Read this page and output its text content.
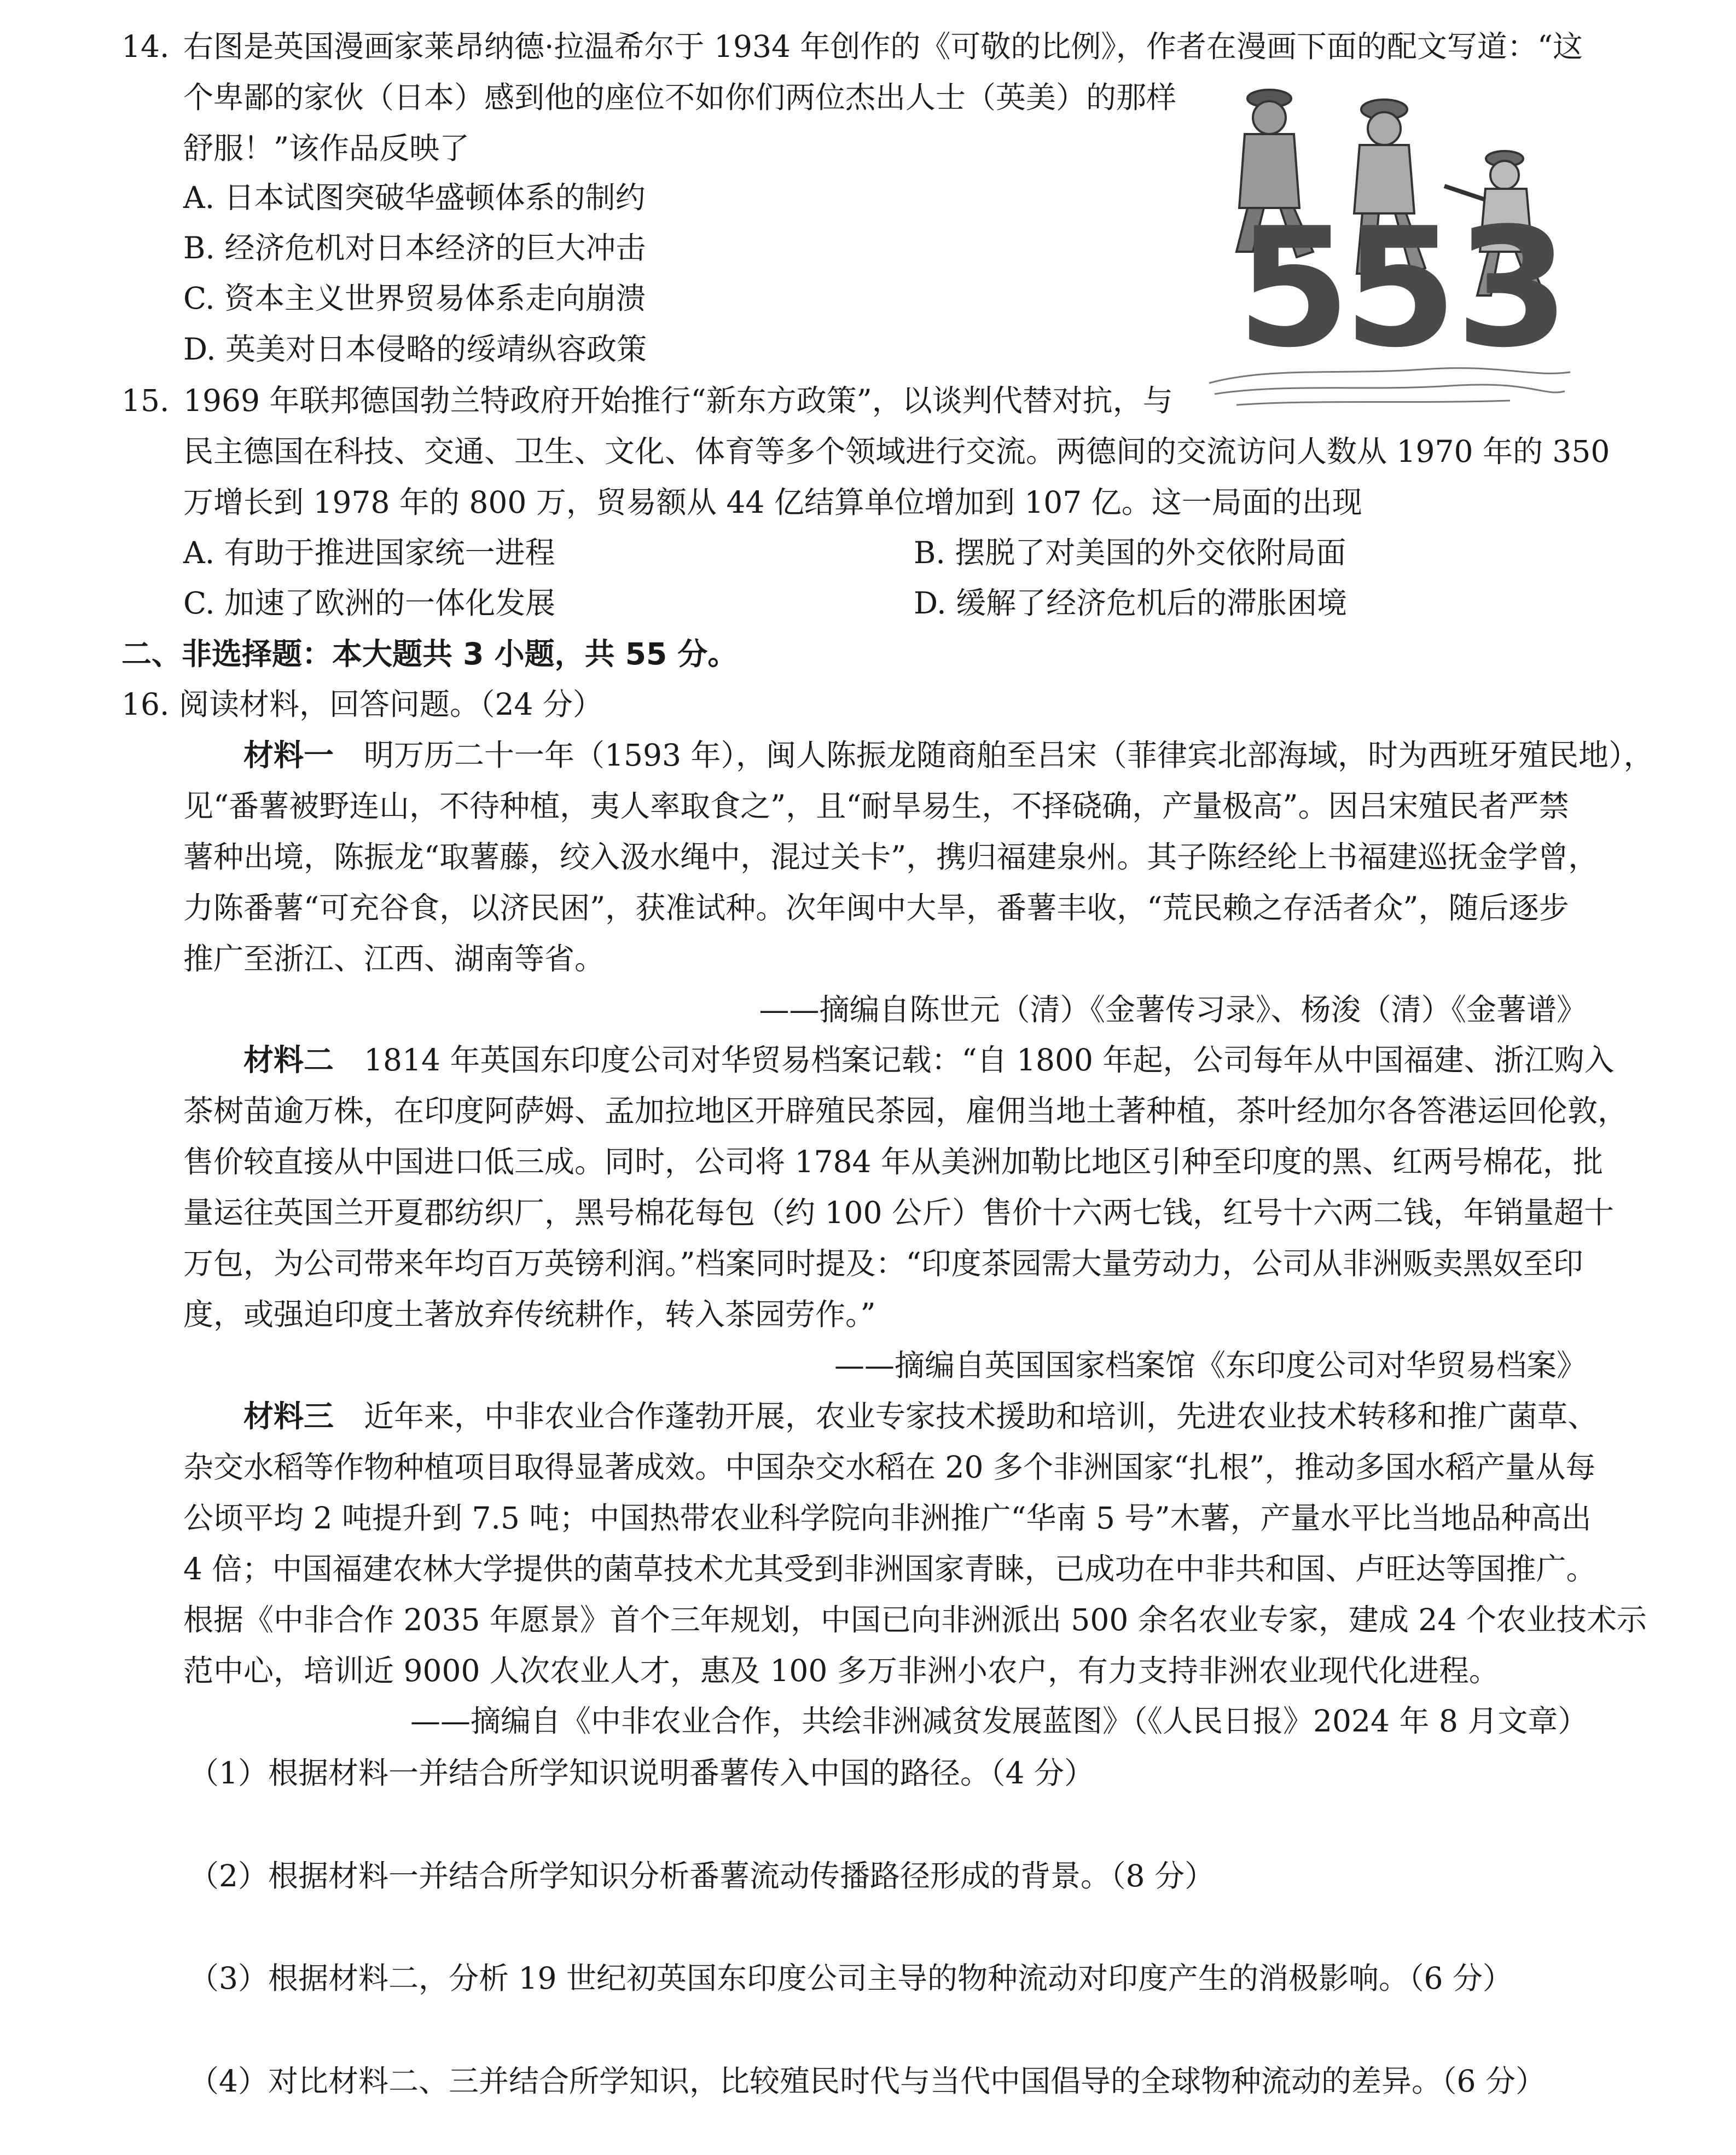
14. 右图是英国漫画家莱昂纳德·拉温希尔于 1934 年创作的《可敬的比例》，作者在漫画下面的配文写道：“这
个卑鄙的家伙（日本）感到他的座位不如你们两位杰出人士（英美）的那样
舒服！”该作品反映了
A. 日本试图突破华盛顿体系的制约
B. 经济危机对日本经济的巨大冲击
C. 资本主义世界贸易体系走向崩溃
D. 英美对日本侵略的绥靖纵容政策	5
5
3
15. 1969 年联邦德国勃兰特政府开始推行“新东方政策”，以谈判代替对抗，与
民主德国在科技、交通、卫生、文化、体育等多个领域进行交流。两德间的交流访问人数从 1970 年的 350
万增长到 1978 年的 800 万，贸易额从 44 亿结算单位增加到 107 亿。这一局面的出现
A. 有助于推进国家统一进程	B. 摆脱了对美国的外交依附局面
C. 加速了欧洲的一体化发展	D. 缓解了经济危机后的滞胀困境
二、非选择题：本大题共 3 小题，共 55 分。
16. 阅读材料，回答问题。（24 分）
材料一 明万历二十一年（1593 年），闽人陈振龙随商舶至吕宋（菲律宾北部海域，时为西班牙殖民地），
见“番薯被野连山，不待种植，夷人率取食之”，且“耐旱易生，不择硗确，产量极高”。因吕宋殖民者严禁
薯种出境，陈振龙“取薯藤，绞入汲水绳中，混过关卡”，携归福建泉州。其子陈经纶上书福建巡抚金学曾，
力陈番薯“可充谷食，以济民困”，获准试种。次年闽中大旱，番薯丰收，“荒民赖之存活者众”，随后逐步
推广至浙江、江西、湖南等省。
——摘编自陈世元（清）《金薯传习录》、杨浚（清）《金薯谱》
材料二 1814 年英国东印度公司对华贸易档案记载：“自 1800 年起，公司每年从中国福建、浙江购入
茶树苗逾万株，在印度阿萨姆、孟加拉地区开辟殖民茶园，雇佣当地土著种植，茶叶经加尔各答港运回伦敦，
售价较直接从中国进口低三成。同时，公司将 1784 年从美洲加勒比地区引种至印度的黑、红两号棉花，批
量运往英国兰开夏郡纺织厂，黑号棉花每包（约 100 公斤）售价十六两七钱，红号十六两二钱，年销量超十
万包，为公司带来年均百万英镑利润。”档案同时提及：“印度茶园需大量劳动力，公司从非洲贩卖黑奴至印
度，或强迫印度土著放弃传统耕作，转入茶园劳作。”
——摘编自英国国家档案馆《东印度公司对华贸易档案》
材料三 近年来，中非农业合作蓬勃开展，农业专家技术援助和培训，先进农业技术转移和推广菌草、
杂交水稻等作物种植项目取得显著成效。中国杂交水稻在 20 多个非洲国家“扎根”，推动多国水稻产量从每
公顷平均 2 吨提升到 7.5 吨；中国热带农业科学院向非洲推广“华南 5 号”木薯，产量水平比当地品种高出
4 倍；中国福建农林大学提供的菌草技术尤其受到非洲国家青睐，已成功在中非共和国、卢旺达等国推广。
根据《中非合作 2035 年愿景》首个三年规划，中国已向非洲派出 500 余名农业专家，建成 24 个农业技术示
范中心，培训近 9000 人次农业人才，惠及 100 多万非洲小农户，有力支持非洲农业现代化进程。
——摘编自《中非农业合作，共绘非洲减贫发展蓝图》（《人民日报》2024 年 8 月文章）
（1）根据材料一并结合所学知识说明番薯传入中国的路径。（4 分）
（2）根据材料一并结合所学知识分析番薯流动传播路径形成的背景。（8 分）
（3）根据材料二，分析 19 世纪初英国东印度公司主导的物种流动对印度产生的消极影响。（6 分）
（4）对比材料二、三并结合所学知识，比较殖民时代与当代中国倡导的全球物种流动的差异。（6 分）
